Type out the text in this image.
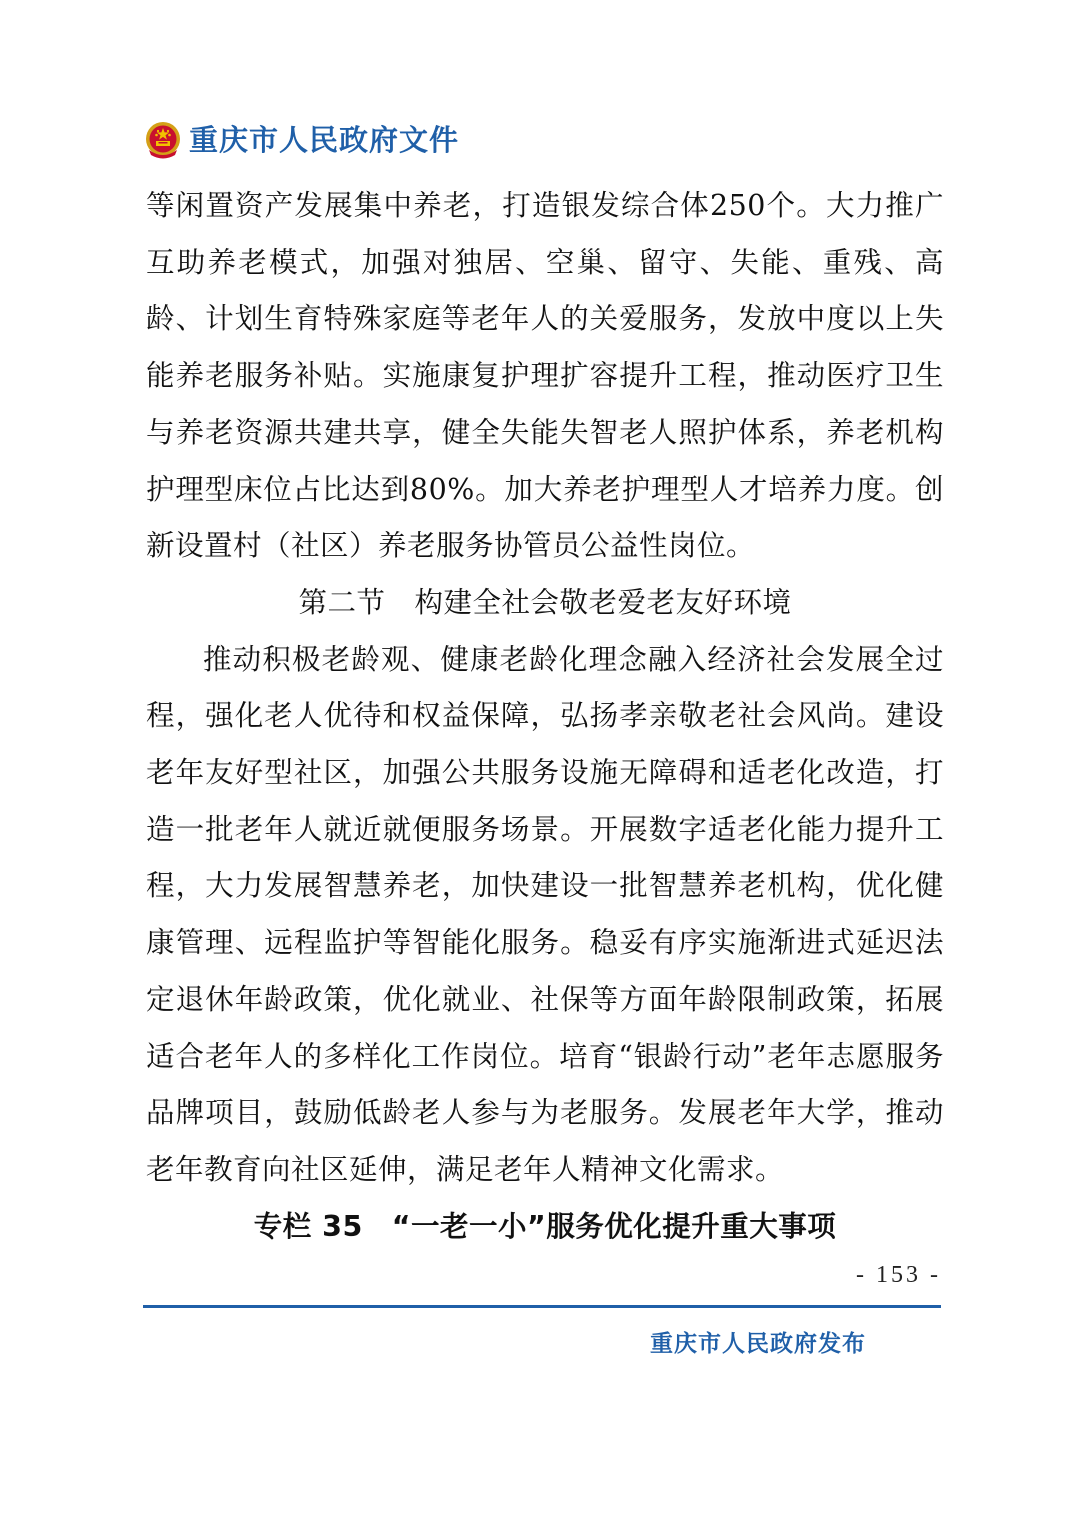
重庆市人民政府文件

等闲置资产发展集中养老，打造银发综合体250个。大力推广互助养老模式，加强对独居、空巢、留守、失能、重残、高龄、计划生育特殊家庭等老年人的关爱服务，发放中度以上失能养老服务补贴。实施康复护理扩容提升工程，推动医疗卫生与养老资源共建共享，健全失能失智老人照护体系，养老机构护理型床位占比达到80%。加大养老护理型人才培养力度。创新设置村（社区）养老服务协管员公益性岗位。

第二节　构建全社会敬老爱老友好环境

推动积极老龄观、健康老龄化理念融入经济社会发展全过程，强化老人优待和权益保障，弘扬孝亲敬老社会风尚。建设老年友好型社区，加强公共服务设施无障碍和适老化改造，打造一批老年人就近就便服务场景。开展数字适老化能力提升工程，大力发展智慧养老，加快建设一批智慧养老机构，优化健康管理、远程监护等智能化服务。稳妥有序实施渐进式延迟法定退休年龄政策，优化就业、社保等方面年龄限制政策，拓展适合老年人的多样化工作岗位。培育“银龄行动”老年志愿服务品牌项目，鼓励低龄老人参与为老服务。发展老年大学，推动老年教育向社区延伸，满足老年人精神文化需求。

专栏 35　“一老一小”服务优化提升重大事项

- 153 -
重庆市人民政府发布
